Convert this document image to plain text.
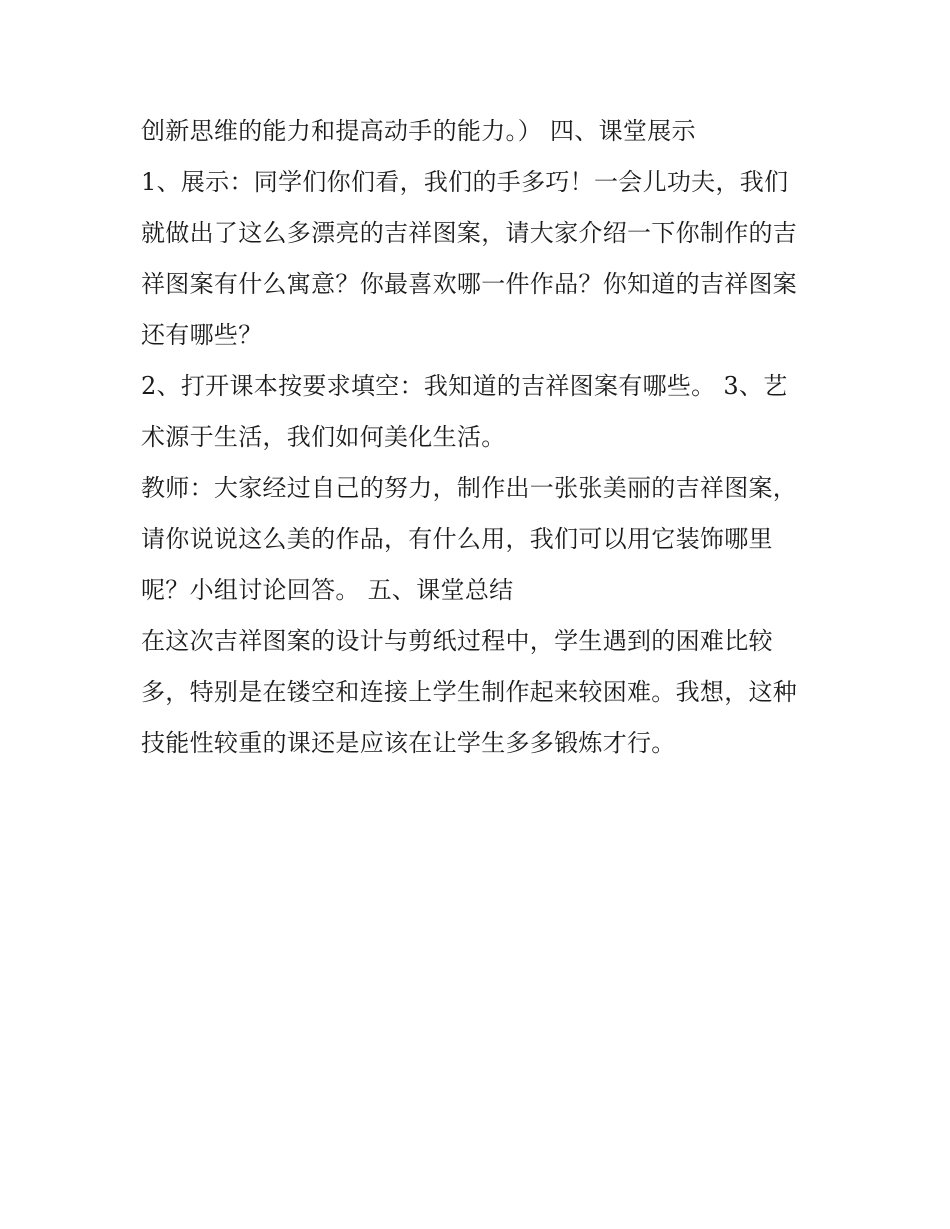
创新思维的能力和提高动手的能力。） 四、课堂展示
1、展示：同学们你们看，我们的手多巧！一会儿功夫，我们
就做出了这么多漂亮的吉祥图案，请大家介绍一下你制作的吉
祥图案有什么寓意？你最喜欢哪一件作品？你知道的吉祥图案
还有哪些？
2、打开课本按要求填空：我知道的吉祥图案有哪些。 3、艺
术源于生活，我们如何美化生活。
教师：大家经过自己的努力，制作出一张张美丽的吉祥图案，
请你说说这么美的作品，有什么用，我们可以用它装饰哪里
呢？小组讨论回答。 五、课堂总结
在这次吉祥图案的设计与剪纸过程中，学生遇到的困难比较
多，特别是在镂空和连接上学生制作起来较困难。我想，这种
技能性较重的课还是应该在让学生多多锻炼才行。
